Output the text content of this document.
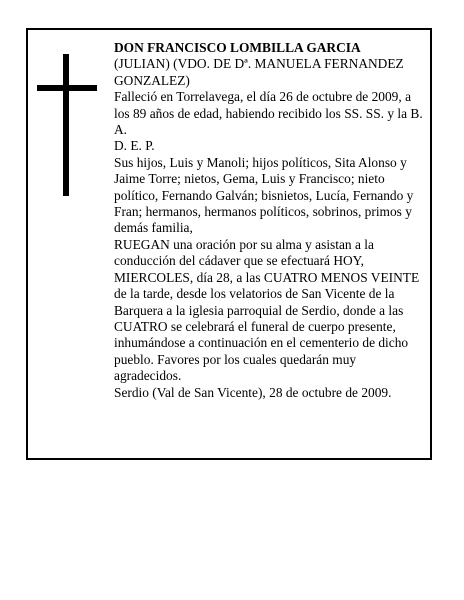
DON FRANCISCO LOMBILLA GARCIA

(JULIAN) (VDO. DE Dª. MANUELA FERNANDEZ GONZALEZ)

Falleció en Torrelavega, el día 26 de octubre de 2009, a los 89 años de edad, habiendo recibido los SS. SS. y la B. A.

D. E. P.

Sus hijos, Luis y Manoli; hijos políticos, Sita Alonso y Jaime Torre; nietos, Gema, Luis y Francisco; nieto político, Fernando Galván; bisnietos, Lucía, Fernando y Fran; hermanos, hermanos políticos, sobrinos, primos y demás familia,

RUEGAN una oración por su alma y asistan a la conducción del cádaver que se efectuará HOY, MIERCOLES, día 28, a las CUATRO MENOS VEINTE de la tarde, desde los velatorios de San Vicente de la Barquera a la iglesia parroquial de Serdio, donde a las CUATRO se celebrará el funeral de cuerpo presente, inhumándose a continuación en el cementerio de dicho pueblo. Favores por los cuales quedarán muy agradecidos.

Serdio (Val de San Vicente), 28 de octubre de 2009.
